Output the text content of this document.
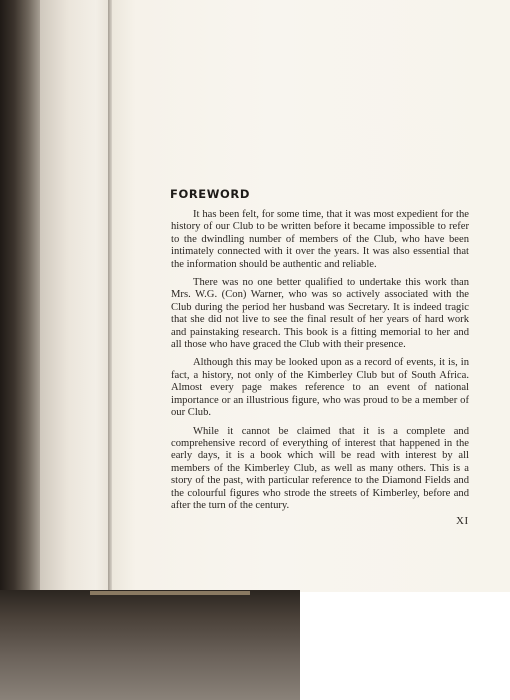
FOREWORD

It has been felt, for some time, that it was most expedient for the history of our Club to be written before it became impossible to refer to the dwindling number of members of the Club, who have been intimately connected with it over the years. It was also essential that the information should be authentic and reliable.

There was no one better qualified to undertake this work than Mrs. W.G. (Con) Warner, who was so actively associated with the Club during the period her husband was Secretary. It is indeed tragic that she did not live to see the final result of her years of hard work and painstaking research. This book is a fitting memorial to her and all those who have graced the Club with their presence.

Although this may be looked upon as a record of events, it is, in fact, a history, not only of the Kimberley Club but of South Africa. Almost every page makes reference to an event of national importance or an illustrious figure, who was proud to be a member of our Club.

While it cannot be claimed that it is a complete and comprehensive record of everything of interest that happened in the early days, it is a book which will be read with interest by all members of the Kimberley Club, as well as many others. This is a story of the past, with particular reference to the Diamond Fields and the colourful figures who strode the streets of Kimberley, before and after the turn of the century.

XI
